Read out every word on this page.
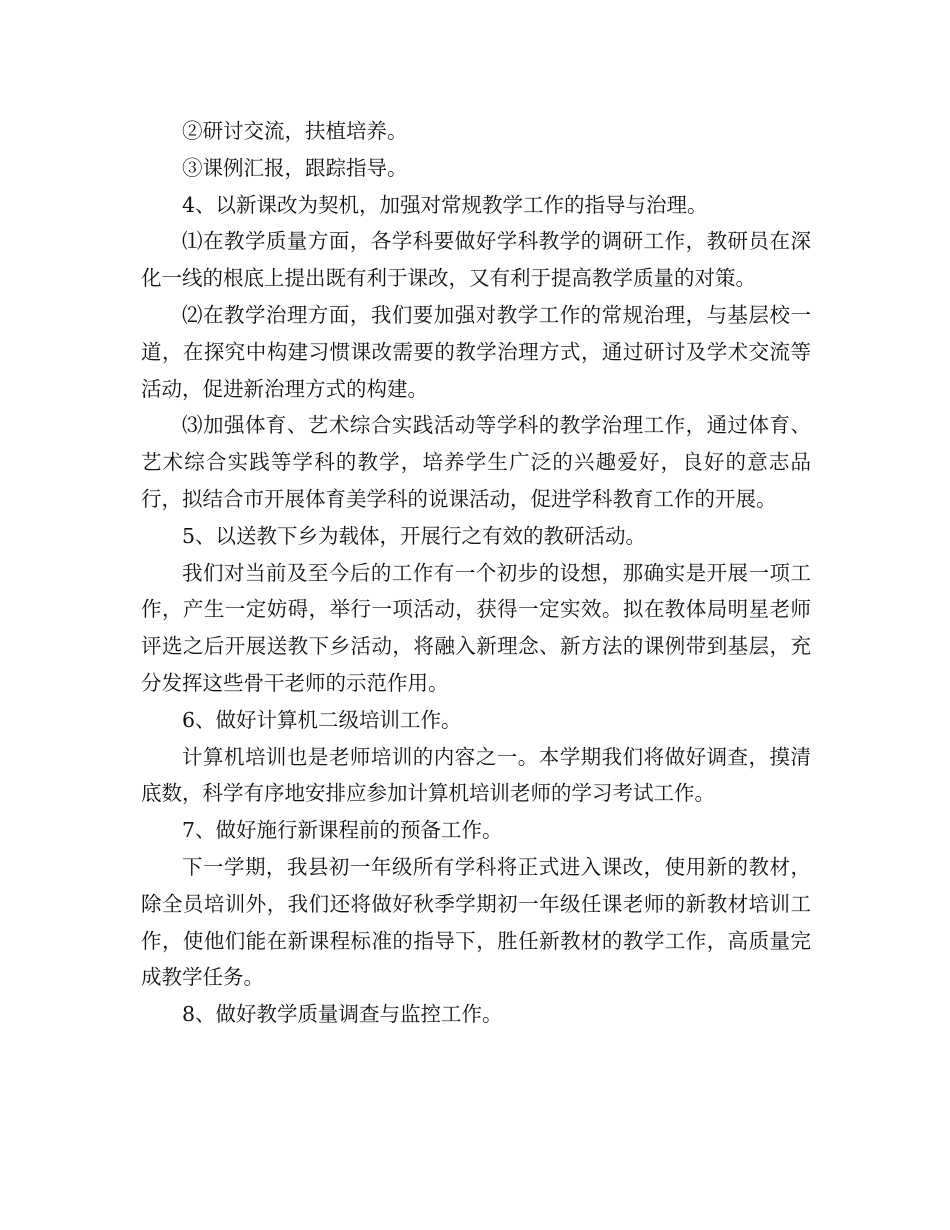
②研讨交流，扶植培养。

③课例汇报，跟踪指导。

4、以新课改为契机，加强对常规教学工作的指导与治理。

⑴在教学质量方面，各学科要做好学科教学的调研工作，教研员在深化一线的根底上提出既有利于课改，又有利于提高教学质量的对策。

⑵在教学治理方面，我们要加强对教学工作的常规治理，与基层校一道，在探究中构建习惯课改需要的教学治理方式，通过研讨及学术交流等活动，促进新治理方式的构建。

⑶加强体育、艺术综合实践活动等学科的教学治理工作，通过体育、艺术综合实践等学科的教学，培养学生广泛的兴趣爱好，良好的意志品行，拟结合市开展体育美学科的说课活动，促进学科教育工作的开展。

5、以送教下乡为载体，开展行之有效的教研活动。

我们对当前及至今后的工作有一个初步的设想，那确实是开展一项工作，产生一定妨碍，举行一项活动，获得一定实效。拟在教体局明星老师评选之后开展送教下乡活动，将融入新理念、新方法的课例带到基层，充分发挥这些骨干老师的示范作用。

6、做好计算机二级培训工作。

计算机培训也是老师培训的内容之一。本学期我们将做好调查，摸清底数，科学有序地安排应参加计算机培训老师的学习考试工作。

7、做好施行新课程前的预备工作。

下一学期，我县初一年级所有学科将正式进入课改，使用新的教材，除全员培训外，我们还将做好秋季学期初一年级任课老师的新教材培训工作，使他们能在新课程标准的指导下，胜任新教材的教学工作，高质量完成教学任务。

8、做好教学质量调查与监控工作。
